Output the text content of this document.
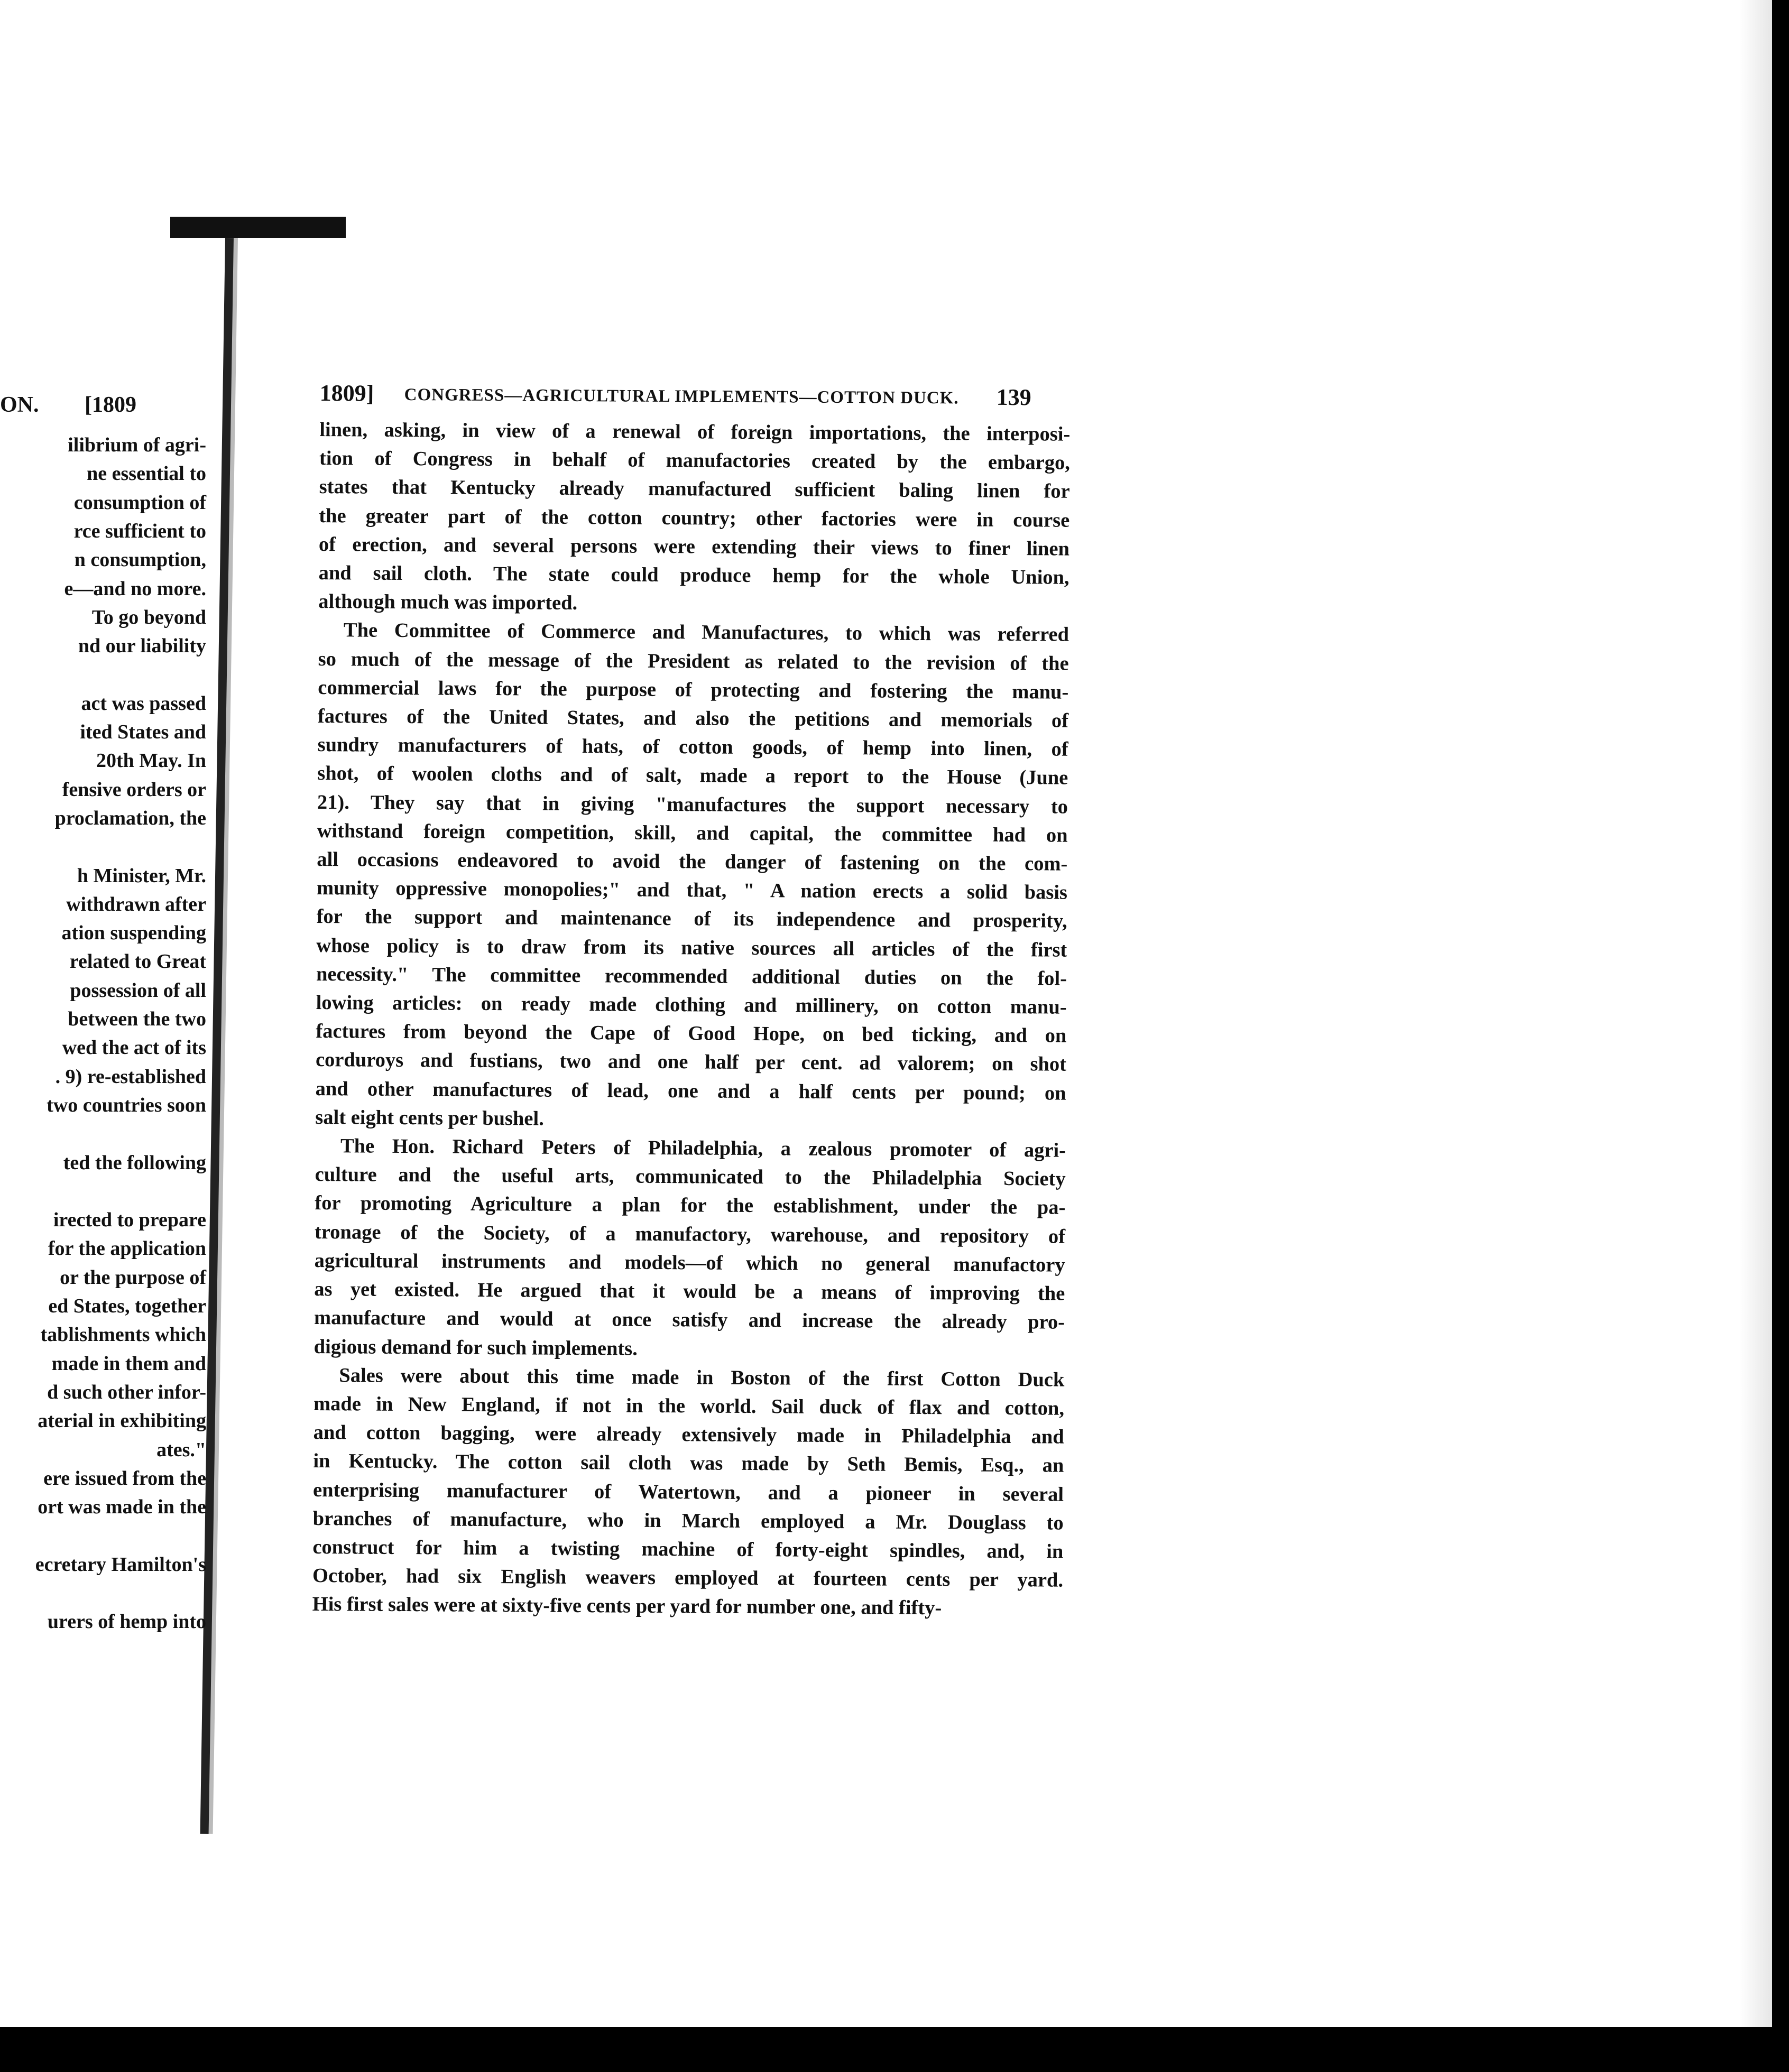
ON. [1809
ilibrium of agri-
ne essential to
consumption of
rce sufficient to
n consumption,
e—and no more.
To go beyond
nd our liability
act was passed
ited States and
20th May. In
fensive orders or
proclamation, the
h Minister, Mr.
withdrawn after
ation suspending
related to Great
possession of all
between the two
wed the act of its
. 9) re-established
two countries soon
ted the following
irected to prepare
for the application
or the purpose of
ed States, together
tablishments which
made in them and
d such other infor-
aterial in exhibiting
ates."
ere issued from the
ort was made in the
ecretary Hamilton's
urers of hemp into
1809] CONGRESS—AGRICULTURAL IMPLEMENTS—COTTON DUCK. 139

linen, asking, in view of a renewal of foreign importations, the interposi-
tion of Congress in behalf of manufactories created by the embargo,
states that Kentucky already manufactured sufficient baling linen for
the greater part of the cotton country; other factories were in course
of erection, and several persons were extending their views to finer linen
and sail cloth. The state could produce hemp for the whole Union,
although much was imported.

The Committee of Commerce and Manufactures, to which was referred
so much of the message of the President as related to the revision of the
commercial laws for the purpose of protecting and fostering the manu-
factures of the United States, and also the petitions and memorials of
sundry manufacturers of hats, of cotton goods, of hemp into linen, of
shot, of woolen cloths and of salt, made a report to the House (June
21). They say that in giving "manufactures the support necessary to
withstand foreign competition, skill, and capital, the committee had on
all occasions endeavored to avoid the danger of fastening on the com-
munity oppressive monopolies;" and that, " A nation erects a solid basis
for the support and maintenance of its independence and prosperity,
whose policy is to draw from its native sources all articles of the first
necessity." The committee recommended additional duties on the fol-
lowing articles: on ready made clothing and millinery, on cotton manu-
factures from beyond the Cape of Good Hope, on bed ticking, and on
corduroys and fustians, two and one half per cent. ad valorem; on shot
and other manufactures of lead, one and a half cents per pound; on
salt eight cents per bushel.

The Hon. Richard Peters of Philadelphia, a zealous promoter of agri-
culture and the useful arts, communicated to the Philadelphia Society
for promoting Agriculture a plan for the establishment, under the pa-
tronage of the Society, of a manufactory, warehouse, and repository of
agricultural instruments and models—of which no general manufactory
as yet existed. He argued that it would be a means of improving the
manufacture and would at once satisfy and increase the already pro-
digious demand for such implements.

Sales were about this time made in Boston of the first Cotton Duck
made in New England, if not in the world. Sail duck of flax and cotton,
and cotton bagging, were already extensively made in Philadelphia and
in Kentucky. The cotton sail cloth was made by Seth Bemis, Esq., an
enterprising manufacturer of Watertown, and a pioneer in several
branches of manufacture, who in March employed a Mr. Douglass to
construct for him a twisting machine of forty-eight spindles, and, in
October, had six English weavers employed at fourteen cents per yard.
His first sales were at sixty-five cents per yard for number one, and fifty-
